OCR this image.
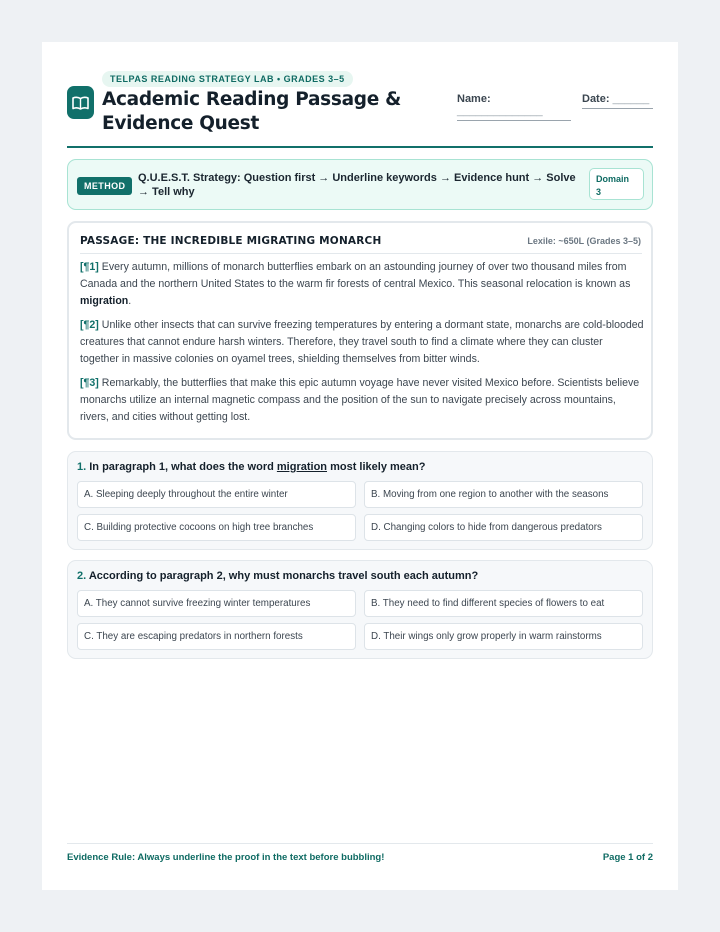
TELPAS READING STRATEGY LAB • GRADES 3–5
Academic Reading Passage & Evidence Quest
Name: ______________
Date: ______
METHOD
Q.U.E.S.T. Strategy: Question first → Underline keywords → Evidence hunt → Solve → Tell why
Domain
3
PASSAGE: THE INCREDIBLE MIGRATING MONARCH	Lexile: ~650L (Grades 3–5)
[¶1] Every autumn, millions of monarch butterflies embark on an astounding journey of over two thousand miles from Canada and the northern United States to the warm fir forests of central Mexico. This seasonal relocation is known as migration.
[¶2] Unlike other insects that can survive freezing temperatures by entering a dormant state, monarchs are cold-blooded creatures that cannot endure harsh winters. Therefore, they travel south to find a climate where they can cluster together in massive colonies on oyamel trees, shielding themselves from bitter winds.
[¶3] Remarkably, the butterflies that make this epic autumn voyage have never visited Mexico before. Scientists believe monarchs utilize an internal magnetic compass and the position of the sun to navigate precisely across mountains, rivers, and cities without getting lost.
1. In paragraph 1, what does the word migration most likely mean?
A. Sleeping deeply throughout the entire winter	B. Moving from one region to another with the seasons
C. Building protective cocoons on high tree branches	D. Changing colors to hide from dangerous predators
2. According to paragraph 2, why must monarchs travel south each autumn?
A. They cannot survive freezing winter temperatures	B. They need to find different species of flowers to eat
C. They are escaping predators in northern forests	D. Their wings only grow properly in warm rainstorms
Evidence Rule: Always underline the proof in the text before bubbling!	Page 1 of 2
